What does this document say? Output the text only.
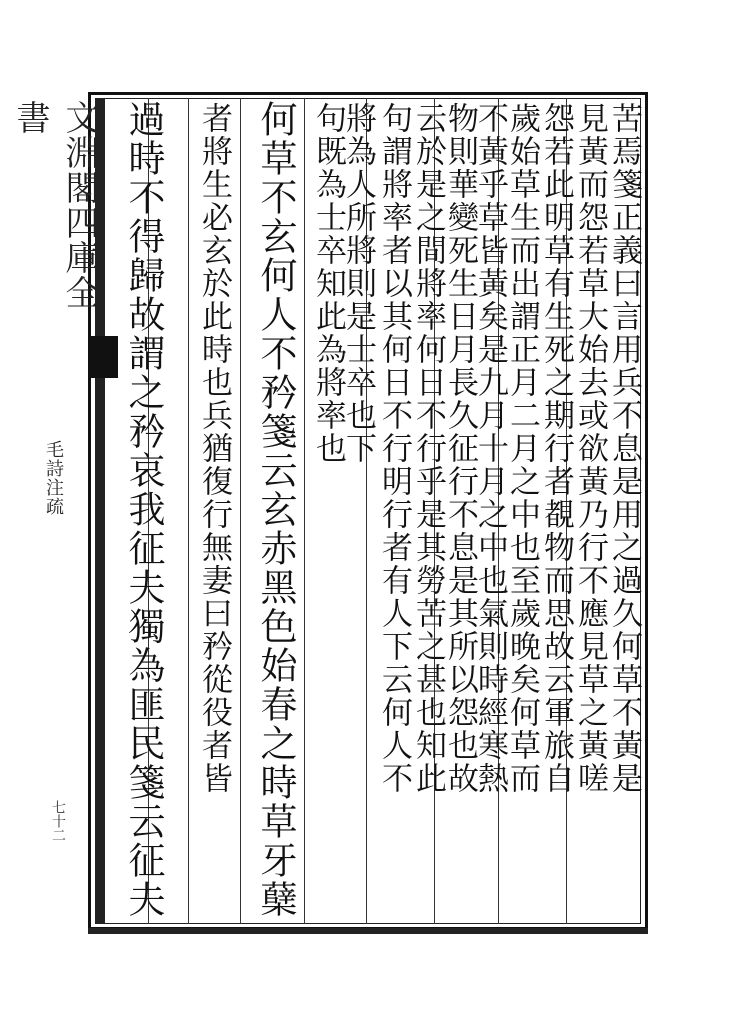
文淵閣四庫全書
毛詩注疏
七十二
苦焉箋正義曰言用兵不息是用之過久何草不黃是
見黃而怨若草大始去或欲黃乃行不應見草之黃嗟
怨若此明草有生死之期行者覩物而思故云軍旅自
歲始草生而出謂正月二月之中也至歲晚矣何草而
不黃乎草皆黃矣是九月十月之中也氣則時經寒熱
物則華變死生日月長久征行不息是其所以怨也故
云於是之間將率何日不行乎是其勞苦之甚也知此
句謂將率者以其何日不行明行者有人下云何人不
將為人所將則是士卒也下
句既為士卒知此為將率也
何草不玄何人不矜箋云玄赤黑色始春之時草牙蘖
者將生必玄於此時也兵猶復行無妻曰矜從役者皆
過時不得歸故謂之矜哀我征夫獨為匪民箋云征夫
